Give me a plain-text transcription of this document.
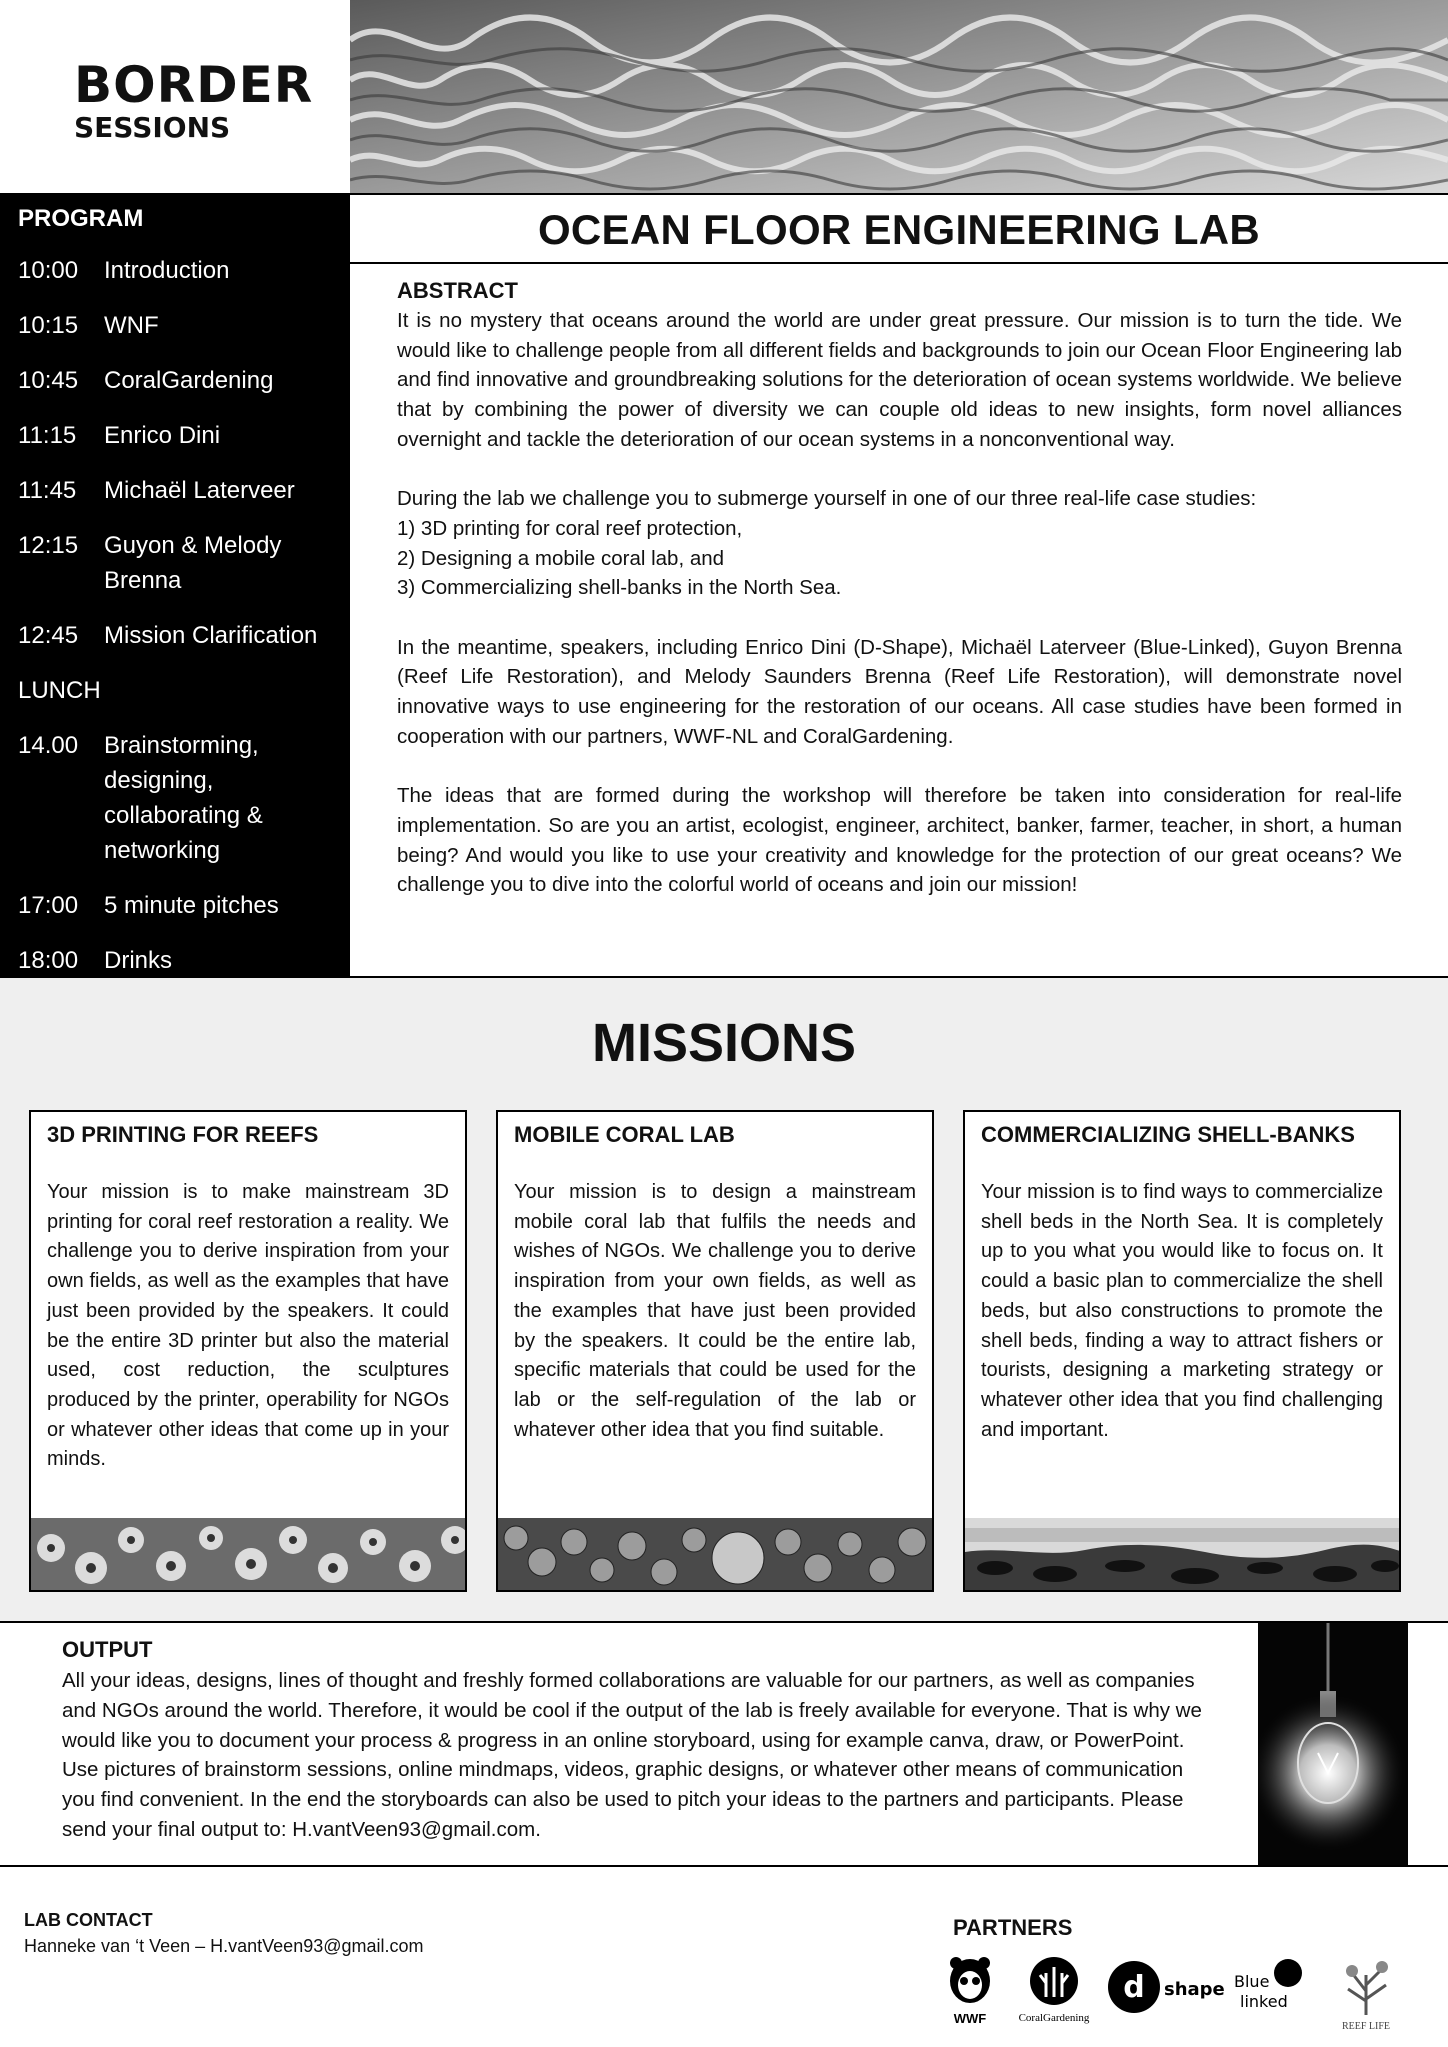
BORDER
SESSIONS
PROGRAM
10:00	Introduction
10:15	WNF
10:45	CoralGardening
11:15	Enrico Dini
11:45	Michaël Laterveer
12:15	Guyon & Melody Brenna
12:45	Mission Clarification
LUNCH
14.00	Brainstorming, designing, collaborating & networking
17:00	5 minute pitches
18:00	Drinks
OCEAN FLOOR ENGINEERING LAB
ABSTRACT

It is no mystery that oceans around the world are under great pressure. Our mission is to turn the tide. We would like to challenge people from all different fields and backgrounds to join our Ocean Floor Engineering lab and find innovative and groundbreaking solutions for the deterioration of ocean systems worldwide. We believe that by combining the power of diversity we can couple old ideas to new insights, form novel alliances overnight and tackle the deterioration of our ocean systems in a nonconventional way.

During the lab we challenge you to submerge yourself in one of our three real-life case studies:
1) 3D printing for coral reef protection,
2) Designing a mobile coral lab, and
3) Commercializing shell-banks in the North Sea.

In the meantime, speakers, including Enrico Dini (D-Shape), Michaël Laterveer (Blue-Linked), Guyon Brenna (Reef Life Restoration), and Melody Saunders Brenna (Reef Life Restoration), will demonstrate novel innovative ways to use engineering for the restoration of our oceans. All case studies have been formed in cooperation with our partners, WWF-NL and CoralGardening.

The ideas that are formed during the workshop will therefore be taken into consideration for real-life implementation. So are you an artist, ecologist, engineer, architect, banker, farmer, teacher, in short, a human being? And would you like to use your creativity and knowledge for the protection of our great oceans? We challenge you to dive into the colorful world of oceans and join our mission!

MISSIONS
3D PRINTING FOR REEFS
Your mission is to make mainstream 3D printing for coral reef restoration a reality. We challenge you to derive inspiration from your own fields, as well as the examples that have just been provided by the speakers. It could be the entire 3D printer but also the material used, cost reduction, the sculptures produced by the printer, operability for NGOs or whatever other ideas that come up in your minds.
MOBILE CORAL LAB
Your mission is to design a mainstream mobile coral lab that fulfils the needs and wishes of NGOs. We challenge you to derive inspiration from your own fields, as well as the examples that have just been provided by the speakers. It could be the entire lab, specific materials that could be used for the lab or the self-regulation of the lab or whatever other idea that you find suitable.
COMMERCIALIZING SHELL-BANKS
Your mission is to find ways to commercialize shell beds in the North Sea. It is completely up to you what you would like to focus on. It could a basic plan to commercialize the shell beds, but also constructions to promote the shell beds, finding a way to attract fishers or tourists, designing a marketing strategy or whatever other idea that you find challenging and important.
OUTPUT
All your ideas, designs, lines of thought and freshly formed collaborations are valuable for our partners, as well as companies and NGOs around the world. Therefore, it would be cool if the output of the lab is freely available for everyone. That is why we would like you to document your process & progress in an online storyboard, using for example canva, draw, or PowerPoint. Use pictures of brainstorm sessions, online mindmaps, videos, graphic designs, or whatever other means of communication you find convenient. In the end the storyboards can also be used to pitch your ideas to the partners and participants. Please send your final output to: H.vantVeen93@gmail.com.
LAB CONTACT
Hanneke van ‘t Veen – H.vantVeen93@gmail.com
PARTNERS
WWF	CoralGardening
d shape Blue
linked
REEF LIFE
